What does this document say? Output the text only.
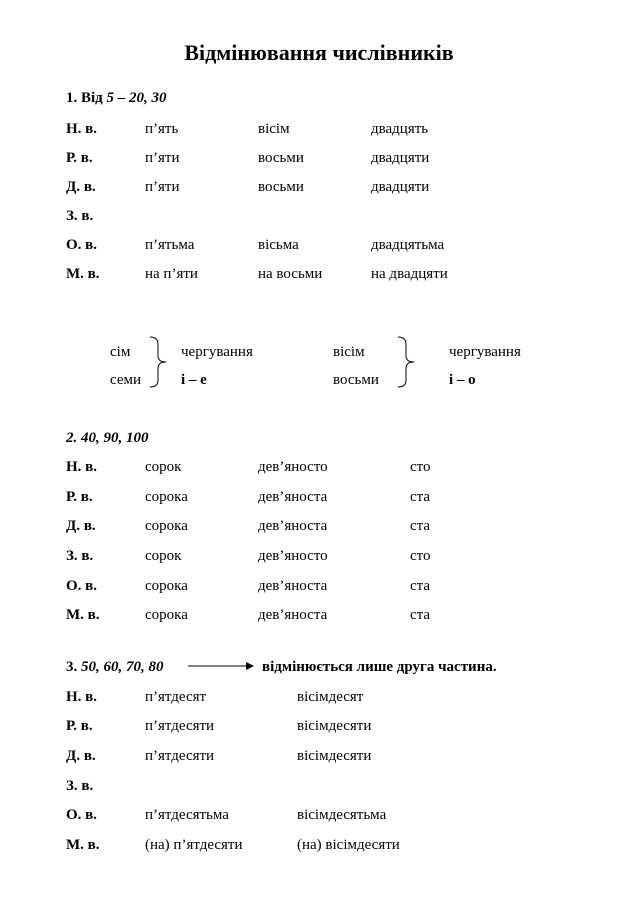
Відмінювання числівників
1. Від 5 – 20, 30
Н. в.	п’ять	вісім	двадцять
Р. в.	п’яти	восьми	двадцяти
Д. в.	п’яти	восьми	двадцяти
З. в.
О. в.	п’ятьма	вісьма	двадцятьма
М. в.	на п’яти	на восьми	на двадцяти
сім
семи
чергування
і – е
вісім
восьми
чергування
і – о
2. 40, 90, 100
Н. в.	сорок	дев’яносто	сто
Р. в.	сорока	дев’яноста	ста
Д. в.	сорока	дев’яноста	ста
З. в.	сорок	дев’яносто	сто
О. в.	сорока	дев’яноста	ста
М. в.	сорока	дев’яноста	ста
3. 50, 60, 70, 80	відмінюється лише друга частина.
Н. в.	п’ятдесят	вісімдесят
Р. в.	п’ятдесяти	вісімдесяти
Д. в.	п’ятдесяти	вісімдесяти
З. в.
О. в.	п’ятдесятьма	вісімдесятьма
М. в.	(на) п’ятдесяти	(на) вісімдесяти
